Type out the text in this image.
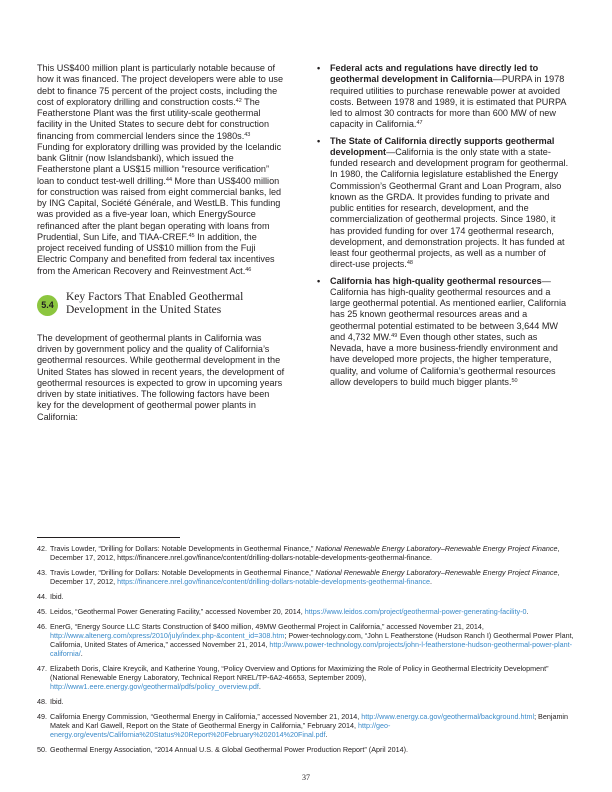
This US$400 million plant is particularly notable because of how it was financed. The project developers were able to use debt to finance 75 percent of the project costs, including the cost of exploratory drilling and construction costs.$^{42}$ The Featherstone Plant was the first utility-scale geothermal facility in the United States to secure debt for construction financing from commercial lenders since the 1980s.$^{43}$ Funding for exploratory drilling was provided by the Icelandic bank Glitnir (now Islandsbanki), which issued the Featherstone plant a US$15 million “resource verification” loan to conduct test-well drilling.$^{44}$ More than US$400 million for construction was raised from eight commercial banks, led by ING Capital, Société Générale, and WestLB. This funding was provided as a five-year loan, which EnergySource refinanced after the plant began operating with loans from Prudential, Sun Life, and TIAA-CREF.$^{45}$ In addition, the project received funding of US$10 million from the Fuji Electric Company and benefited from federal tax incentives from the American Recovery and Reinvestment Act.$^{46}$

5.4
Key Factors That Enabled Geothermal Development in the United States

The development of geothermal plants in California was driven by government policy and the quality of California’s geothermal resources. While geothermal development in the United States has slowed in recent years, the development of geothermal resources is expected to grow in upcoming years driven by state initiatives. The following factors have been key for the development of geothermal power plants in California:

• Federal acts and regulations have directly led to geothermal development in California—PURPA in 1978 required utilities to purchase renewable power at avoided costs. Between 1978 and 1989, it is estimated that PURPA led to almost 30 contracts for more than 600 MW of new capacity in California.$^{47}$
• The State of California directly supports geothermal development—California is the only state with a state-funded research and development program for geothermal. In 1980, the California legislature established the Energy Commission’s Geothermal Grant and Loan Program, also known as the GRDA. It provides funding to private and public entities for research, development, and the commercialization of geothermal projects. Since 1980, it has provided funding for over 174 geothermal research, development, and demonstration projects. It has funded at least four geothermal projects, as well as a number of direct-use projects.$^{48}$
• California has high-quality geothermal resources—California has high-quality geothermal resources and a large geothermal potential. As mentioned earlier, California has 25 known geothermal resources areas and a geothermal potential estimated to be between 3,644 MW and 4,732 MW.$^{49}$ Even though other states, such as Nevada, have a more business-friendly environment and have developed more projects, the higher temperature, quality, and volume of California’s geothermal resources allow developers to build much bigger plants.$^{50}$
42. Travis Lowder, “Drilling for Dollars: Notable Developments in Geothermal Finance,” National Renewable Energy Laboratory–Renewable Energy Project Finance, December 17, 2012, https://financere.nrel.gov/finance/content/drilling-dollars-notable-developments-geothermal-finance.
43. Travis Lowder, “Drilling for Dollars: Notable Developments in Geothermal Finance,” National Renewable Energy Laboratory–Renewable Energy Project Finance, December 17, 2012, https://financere.nrel.gov/finance/content/drilling-dollars-notable-developments-geothermal-finance.
44. Ibid.
45. Leidos, “Geothermal Power Generating Facility,” accessed November 20, 2014, https://www.leidos.com/project/geothermal-power-generating-facility-0.
46. EnerG, “Energy Source LLC Starts Construction of $400 million, 49MW Geothermal Project in California,” accessed November 21, 2014, http://www.altenerg.com/xpress/2010/july/index.php-&content_id=308.htm; Power-technology.com, “John L Featherstone (Hudson Ranch I) Geothermal Power Plant, California, United States of America,” accessed November 21, 2014, http://www.power-technology.com/projects/john-l-featherstone-hudson-geothermal-power-plant-california/.
47. Elizabeth Doris, Claire Kreycik, and Katherine Young, “Policy Overview and Options for Maximizing the Role of Policy in Geothermal Electricity Development” (National Renewable Energy Laboratory, Technical Report NREL/TP-6A2-46653, September 2009), http://www1.eere.energy.gov/geothermal/pdfs/policy_overview.pdf.
48. Ibid.
49. California Energy Commission, “Geothermal Energy in California,” accessed November 21, 2014, http://www.energy.ca.gov/geothermal/background.html; Benjamin Matek and Karl Gawell, Report on the State of Geothermal Energy in California,” February 2014, http://geo-energy.org/events/California%20Status%20Report%20February%202014%20Final.pdf.
50. Geothermal Energy Association, “2014 Annual U.S. & Global Geothermal Power Production Report” (April 2014).
37
